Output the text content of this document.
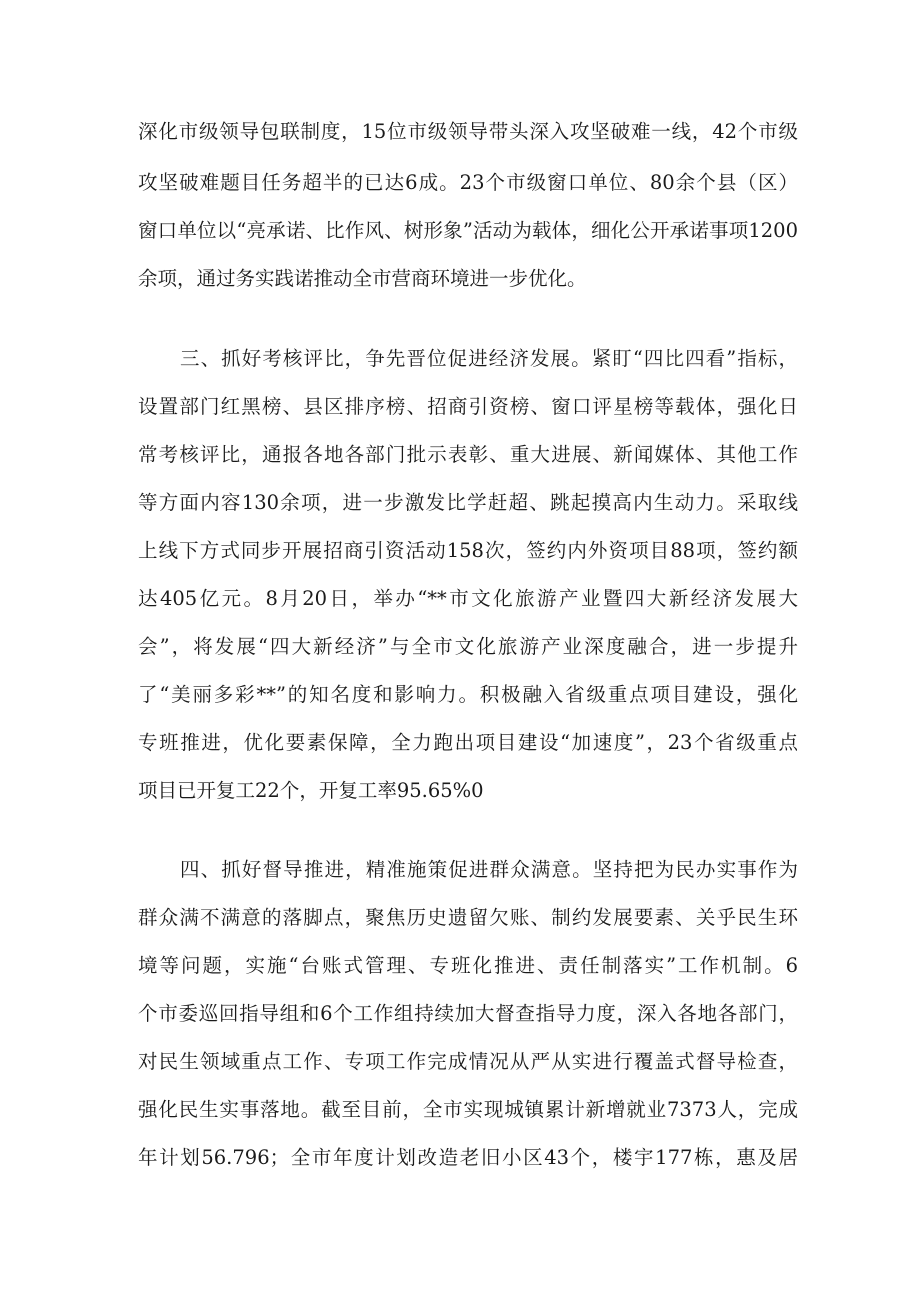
深化市级领导包联制度，15位市级领导带头深入攻坚破难一线，42个市级
攻坚破难题目任务超半的已达6成。23个市级窗口单位、80余个县（区）
窗口单位以“亮承诺、比作风、树形象”活动为载体，细化公开承诺事项1200
余项，通过务实践诺推动全市营商环境进一步优化。
三、抓好考核评比，争先晋位促进经济发展。紧盯“四比四看”指标，
设置部门红黑榜、县区排序榜、招商引资榜、窗口评星榜等载体，强化日
常考核评比，通报各地各部门批示表彰、重大进展、新闻媒体、其他工作
等方面内容130余项，进一步激发比学赶超、跳起摸高内生动力。采取线
上线下方式同步开展招商引资活动158次，签约内外资项目88项，签约额
达405亿元。8月20日，举办“**市文化旅游产业暨四大新经济发展大
会”，将发展“四大新经济”与全市文化旅游产业深度融合，进一步提升
了“美丽多彩**”的知名度和影响力。积极融入省级重点项目建设，强化
专班推进，优化要素保障，全力跑出项目建设“加速度”，23个省级重点
项目已开复工22个，开复工率95.65%0
四、抓好督导推进，精准施策促进群众满意。坚持把为民办实事作为
群众满不满意的落脚点，聚焦历史遗留欠账、制约发展要素、关乎民生环
境等问题，实施“台账式管理、专班化推进、责任制落实”工作机制。6
个市委巡回指导组和6个工作组持续加大督查指导力度，深入各地各部门，
对民生领域重点工作、专项工作完成情况从严从实进行覆盖式督导检查，
强化民生实事落地。截至目前，全市实现城镇累计新增就业7373人，完成
年计划56.796；全市年度计划改造老旧小区43个，楼宇177栋，惠及居
